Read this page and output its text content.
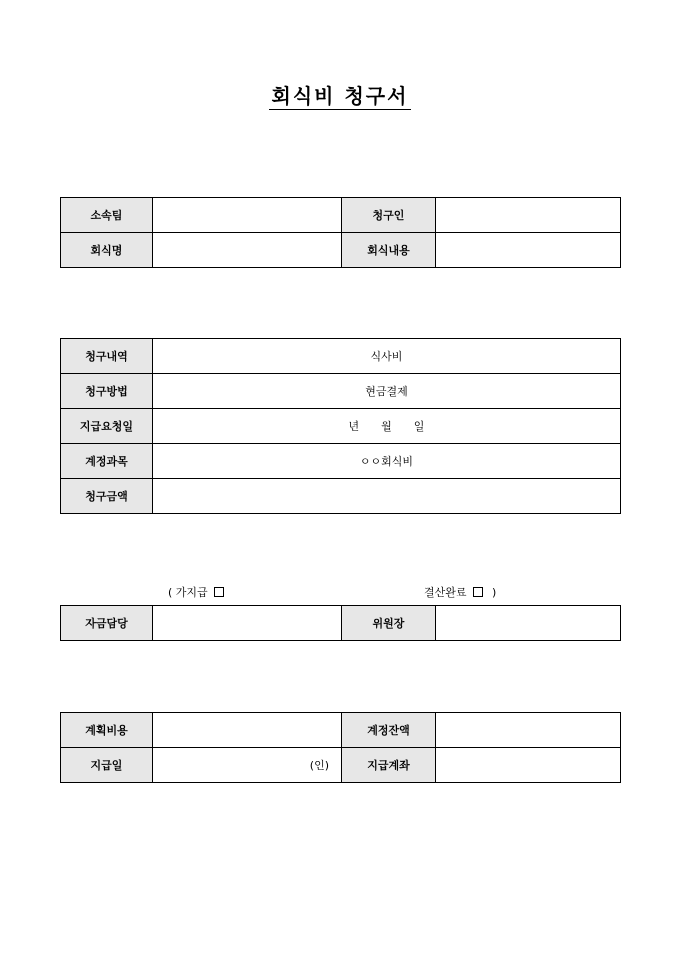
회식비 청구서
소속팀		청구인	
회식명		회식내용	
청구내역	식사비
청구방법	현금결제
지급요청일	년　　월　　일
계정과목	ㅇㅇ회식비
청구금액	
( 가지급	결산완료 )
자금담당		위원장	
계획비용		계정잔액	
지급일	(인)	지급계좌	
